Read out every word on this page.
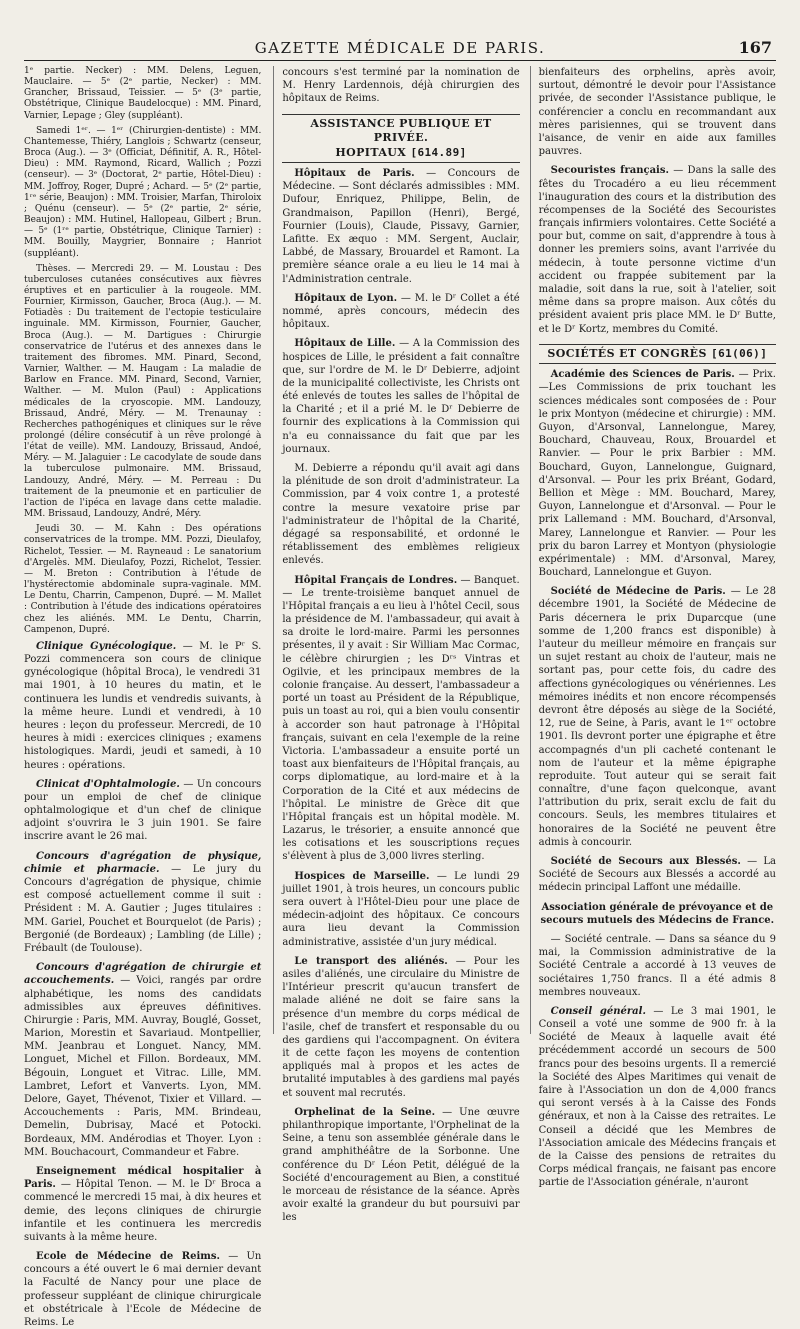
GAZETTE MÉDICALE DE PARIS.	167

1ᵉ partie. Necker) : MM. Delens, Leguen, Mauclaire. — 5ᵉ (2ᵉ partie, Necker) : MM. Grancher, Brissaud, Teissier. — 5ᵉ (3ᵉ partie, Obstétrique, Clinique Baudelocque) : MM. Pinard, Varnier, Lepage ; Gley (suppléant).

Samedi 1ᵉʳ. — 1ᵉʳ (Chirurgien-dentiste) : MM. Chantemesse, Thiéry, Langlois ; Schwartz (censeur, Broca (Aug.). — 3ᵉ (Officiat, Définitif, A. R., Hôtel-Dieu) : MM. Raymond, Ricard, Wallich ; Pozzi (censeur). — 3ᵉ (Doctorat, 2ᵉ partie, Hôtel-Dieu) : MM. Joffroy, Roger, Dupré ; Achard. — 5ᵉ (2ᵉ partie, 1ʳᵉ série, Beaujon) : MM. Troisier, Marfan, Thiroloix ; Quénu (censeur). — 5ᵉ (2ᵉ partie, 2ᵉ série, Beaujon) : MM. Hutinel, Hallopeau, Gilbert ; Brun. — 5ᵉ (1ʳᵉ partie, Obstétrique, Clinique Tarnier) : MM. Bouilly, Maygrier, Bonnaire ; Hanriot (suppléant).

Thèses. — Mercredi 29. — M. Loustau : Des tuberculoses cutanées consécutives aux fièvres éruptives et en particulier à la rougeole. MM. Fournier, Kirmisson, Gaucher, Broca (Aug.). — M. Fotiadès : Du traitement de l'ectopie testiculaire inguinale. MM. Kirmisson, Fournier, Gaucher, Broca (Aug.). — M. Dartigues : Chirurgie conservatrice de l'utérus et des annexes dans le traitement des fibromes. MM. Pinard, Second, Varnier, Walther. — M. Haugam : La maladie de Barlow en France. MM. Pinard, Second, Varnier, Walther. — M. Mulon (Paul) : Applications médicales de la cryoscopie. MM. Landouzy, Brissaud, André, Méry. — M. Trenaunay : Recherches pathogéniques et cliniques sur le rêve prolongé (délire consécutif à un rêve prolongé à l'état de veille). MM. Landouzy, Brissaud, Andoé, Méry. — M. Jalaguier : Le cacodylate de soude dans la tuberculose pulmonaire. MM. Brissaud, Landouzy, André, Méry. — M. Perreau : Du traitement de la pneumonie et en particulier de l'action de l'ipéca en lavage dans cette maladie. MM. Brissaud, Landouzy, André, Méry.

Jeudi 30. — M. Kahn : Des opérations conservatrices de la trompe. MM. Pozzi, Dieulafoy, Richelot, Tessier. — M. Rayneaud : Le sanatorium d'Argelès. MM. Dieulafoy, Pozzi, Richelot, Tessier. — M. Breton : Contribution à l'étude de l'hystérectomie abdominale supra-vaginale. MM. Le Dentu, Charrin, Campenon, Dupré. — M. Mallet : Contribution à l'étude des indications opératoires chez les aliénés. MM. Le Dentu, Charrin, Campenon, Dupré.

Clinique Gynécologique. — M. le Pʳ S. Pozzi commencera son cours de clinique gynécologique (hôpital Broca), le vendredi 31 mai 1901, à 10 heures du matin, et le continuera les lundis et vendredis suivants, à la même heure. Lundi et vendredi, à 10 heures : leçon du professeur. Mercredi, de 10 heures à midi : exercices cliniques ; examens histologiques. Mardi, jeudi et samedi, à 10 heures : opérations.

Clinicat d'Ophtalmologie. — Un concours pour un emploi de chef de clinique ophtalmologique et d'un chef de clinique adjoint s'ouvrira le 3 juin 1901. Se faire inscrire avant le 26 mai.

Concours d'agrégation de physique, chimie et pharmacie. — Le jury du Concours d'agrégation de physique, chimie est composé actuellement comme il suit : Président : M. A. Gautier ; Juges titulaires : MM. Gariel, Pouchet et Bourquelot (de Paris) ; Bergonié (de Bordeaux) ; Lambling (de Lille) ; Frébault (de Toulouse).

Concours d'agrégation de chirurgie et accouchements. — Voici, rangés par ordre alphabétique, les noms des candidats admissibles aux épreuves définitives. Chirurgie : Paris, MM. Auvray, Bouglé, Gosset, Marion, Morestin et Savariaud. Montpellier, MM. Jeanbrau et Longuet. Nancy, MM. Longuet, Michel et Fillon. Bordeaux, MM. Bégouin, Longuet et Vitrac. Lille, MM. Lambret, Lefort et Vanverts. Lyon, MM. Delore, Gayet, Thévenot, Tixier et Villard. — Accouchements : Paris, MM. Brindeau, Demelin, Dubrisay, Macé et Potocki. Bordeaux, MM. Andérodias et Thoyer. Lyon : MM. Bouchacourt, Commandeur et Fabre.

Enseignement médical hospitalier à Paris. — Hôpital Tenon. — M. le Dʳ Broca a commencé le mercredi 15 mai, à dix heures et demie, des leçons cliniques de chirurgie infantile et les continuera les mercredis suivants à la même heure.

Ecole de Médecine de Reims. — Un concours a été ouvert le 6 mai dernier devant la Faculté de Nancy pour une place de professeur suppléant de clinique chirurgicale et obstétricale à l'Ecole de Médecine de Reims. Le

concours s'est terminé par la nomination de M. Henry Lardennois, déjà chirurgien des hôpitaux de Reims.

ASSISTANCE PUBLIQUE ET PRIVÉE.
HOPITAUX [614.89]

Hôpitaux de Paris. — Concours de Médecine. — Sont déclarés admissibles : MM. Dufour, Enriquez, Philippe, Belin, de Grandmaison, Papillon (Henri), Bergé, Fournier (Louis), Claude, Pissavy, Garnier, Lafitte. Ex æquo : MM. Sergent, Auclair, Labbé, de Massary, Brouardel et Ramont. La première séance orale a eu lieu le 14 mai à l'Administration centrale.

Hôpitaux de Lyon. — M. le Dʳ Collet a été nommé, après concours, médecin des hôpitaux.

Hôpitaux de Lille. — A la Commission des hospices de Lille, le président a fait connaître que, sur l'ordre de M. le Dʳ Debierre, adjoint de la municipalité collectiviste, les Christs ont été enlevés de toutes les salles de l'hôpital de la Charité ; et il a prié M. le Dʳ Debierre de fournir des explications à la Commission qui n'a eu connaissance du fait que par les journaux.

M. Debierre a répondu qu'il avait agi dans la plénitude de son droit d'administrateur. La Commission, par 4 voix contre 1, a protesté contre la mesure vexatoire prise par l'administrateur de l'hôpital de la Charité, dégagé sa responsabilité, et ordonné le rétablissement des emblèmes religieux enlevés.

Hôpital Français de Londres. — Banquet. — Le trente-troisième banquet annuel de l'Hôpital français a eu lieu à l'hôtel Cecil, sous la présidence de M. l'ambassadeur, qui avait à sa droite le lord-maire. Parmi les personnes présentes, il y avait : Sir William Mac Cormac, le célèbre chirurgien ; les Dʳˢ Vintras et Ogilvie, et les principaux membres de la colonie française. Au dessert, l'ambassadeur a porté un toast au Président de la République, puis un toast au roi, qui a bien voulu consentir à accorder son haut patronage à l'Hôpital français, suivant en cela l'exemple de la reine Victoria. L'ambassadeur a ensuite porté un toast aux bienfaiteurs de l'Hôpital français, au corps diplomatique, au lord-maire et à la Corporation de la Cité et aux médecins de l'hôpital. Le ministre de Grèce dit que l'Hôpital français est un hôpital modèle. M. Lazarus, le trésorier, a ensuite annoncé que les cotisations et les souscriptions reçues s'élèvent à plus de 3,000 livres sterling.

Hospices de Marseille. — Le lundi 29 juillet 1901, à trois heures, un concours public sera ouvert à l'Hôtel-Dieu pour une place de médecin-adjoint des hôpitaux. Ce concours aura lieu devant la Commission administrative, assistée d'un jury médical.

Le transport des aliénés. — Pour les asiles d'aliénés, une circulaire du Ministre de l'Intérieur prescrit qu'aucun transfert de malade aliéné ne doit se faire sans la présence d'un membre du corps médical de l'asile, chef de transfert et responsable du ou des gardiens qui l'accompagnent. On évitera it de cette façon les moyens de contention appliqués mal à propos et les actes de brutalité imputables à des gardiens mal payés et souvent mal recrutés.

Orphelinat de la Seine. — Une œuvre philanthropique importante, l'Orphelinat de la Seine, a tenu son assemblée générale dans le grand amphithéâtre de la Sorbonne. Une conférence du Dʳ Léon Petit, délégué de la Société d'encouragement au Bien, a constitué le morceau de résistance de la séance. Après avoir exalté la grandeur du but poursuivi par les

bienfaiteurs des orphelins, après avoir, surtout, démontré le devoir pour l'Assistance privée, de seconder l'Assistance publique, le conférencier a conclu en recommandant aux mères parisiennes, qui se trouvent dans l'aisance, de venir en aide aux familles pauvres.

Secouristes français. — Dans la salle des fêtes du Trocadéro a eu lieu récemment l'inauguration des cours et la distribution des récompenses de la Société des Secouristes français infirmiers volontaires. Cette Société a pour but, comme on sait, d'apprendre à tous à donner les premiers soins, avant l'arrivée du médecin, à toute personne victime d'un accident ou frappée subitement par la maladie, soit dans la rue, soit à l'atelier, soit même dans sa propre maison. Aux côtés du président avaient pris place MM. le Dʳ Butte, et le Dʳ Kortz, membres du Comité.

SOCIÉTÉS ET CONGRÈS [61(06)]

Académie des Sciences de Paris. — Prix. —Les Commissions de prix touchant les sciences médicales sont composées de : Pour le prix Montyon (médecine et chirurgie) : MM. Guyon, d'Arsonval, Lannelongue, Marey, Bouchard, Chauveau, Roux, Brouardel et Ranvier. — Pour le prix Barbier : MM. Bouchard, Guyon, Lannelongue, Guignard, d'Arsonval. — Pour les prix Bréant, Godard, Bellion et Mège : MM. Bouchard, Marey, Guyon, Lannelongue et d'Arsonval. — Pour le prix Lallemand : MM. Bouchard, d'Arsonval, Marey, Lannelongue et Ranvier. — Pour les prix du baron Larrey et Montyon (physiologie expérimentale) : MM. d'Arsonval, Marey, Bouchard, Lannelongue et Guyon.

Société de Médecine de Paris. — Le 28 décembre 1901, la Société de Médecine de Paris décernera le prix Duparcque (une somme de 1,200 francs est disponible) à l'auteur du meilleur mémoire en français sur un sujet restant au choix de l'auteur, mais ne sortant pas, pour cette fois, du cadre des affections gynécologiques ou vénériennes. Les mémoires inédits et non encore récompensés devront être déposés au siège de la Société, 12, rue de Seine, à Paris, avant le 1ᵉʳ octobre 1901. Ils devront porter une épigraphe et être accompagnés d'un pli cacheté contenant le nom de l'auteur et la même épigraphe reproduite. Tout auteur qui se serait fait connaître, d'une façon quelconque, avant l'attribution du prix, serait exclu de fait du concours. Seuls, les membres titulaires et honoraires de la Société ne peuvent être admis à concourir.

Société de Secours aux Blessés. — La Société de Secours aux Blessés a accordé au médecin principal Laffont une médaille.

Association générale de prévoyance et de secours mutuels des Médecins de France.

— Société centrale. — Dans sa séance du 9 mai, la Commission administrative de la Société Centrale a accordé à 13 veuves de sociétaires 1,750 francs. Il a été admis 8 membres nouveaux.

Conseil général. — Le 3 mai 1901, le Conseil a voté une somme de 900 fr. à la Société de Meaux à laquelle avait été précédemment accordé un secours de 500 francs pour des besoins urgents. Il a remercié la Société des Alpes Maritimes qui venait de faire à l'Association un don de 4,000 francs qui seront versés à à la Caisse des Fonds généraux, et non à la Caisse des retraites. Le Conseil a décidé que les Membres de l'Association amicale des Médecins français et de la Caisse des pensions de retraites du Corps médical français, ne faisant pas encore partie de l'Association générale, n'auront
